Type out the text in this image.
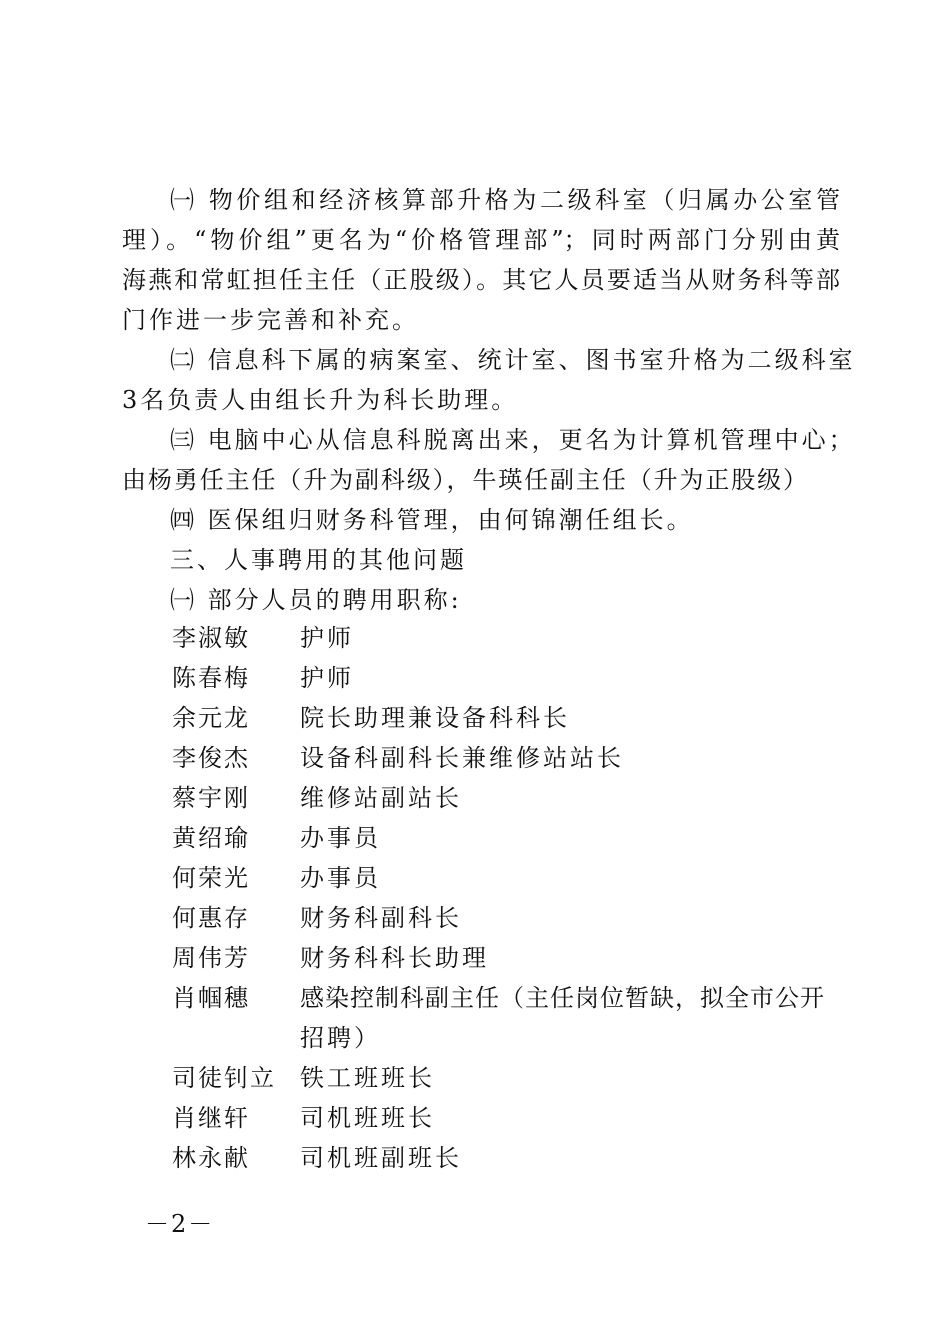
㈠ 物价组和经济核算部升格为二级科室（归属办公室管
理）。“物价组”更名为“价格管理部”；同时两部门分别由黄
海燕和常虹担任主任（正股级）。其它人员要适当从财务科等部
门作进一步完善和补充。
㈡ 信息科下属的病案室、统计室、图书室升格为二级科室
3名负责人由组长升为科长助理。
㈢ 电脑中心从信息科脱离出来，更名为计算机管理中心；
由杨勇任主任（升为副科级），牛瑛任副主任（升为正股级）
㈣ 医保组归财务科管理，由何锦潮任组长。
三、人事聘用的其他问题
㈠ 部分人员的聘用职称:
李淑敏 护师
陈春梅 护师
余元龙 院长助理兼设备科科长
李俊杰 设备科副科长兼维修站站长
蔡宇刚 维修站副站长
黄绍瑜 办事员
何荣光 办事员
何惠存 财务科副科长
周伟芳 财务科科长助理
肖帼穗 感染控制科副主任（主任岗位暂缺，拟全市公开
招聘）
司徒钊立 铁工班班长
肖继轩 司机班班长
林永献 司机班副班长
－2－
